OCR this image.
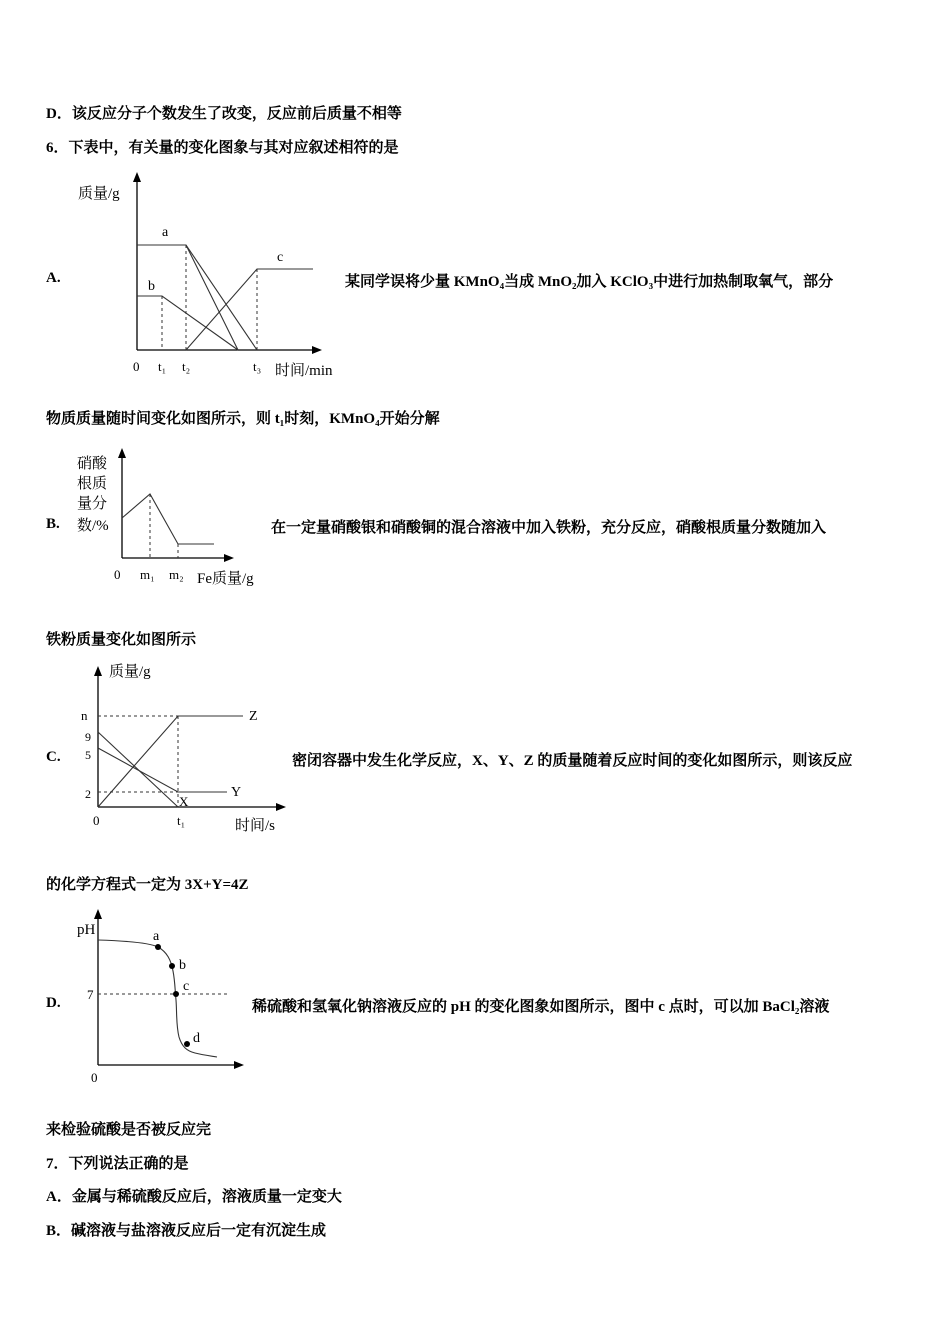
D．该反应分子个数发生了改变，反应前后质量不相等
6．下表中，有关量的变化图象与其对应叙述相符的是
A.
质量/g
a
b
c
0 t₁ t₂	t₃ 时间/min
某同学误将少量 KMnO₄当成 MnO₂加入 KClO₃中进行加热制取氧气，部分
物质质量随时间变化如图所示，则 t₁时刻，KMnO₄开始分解
B.
硝酸
根质
量分
数/%
0 m₁ m₂ Fe质量/g
在一定量硝酸银和硝酸铜的混合溶液中加入铁粉，充分反应，硝酸根质量分数随加入
铁粉质量变化如图所示
C.
质量/g
n
9
5
2
Z
Y
X
0	t₁	时间/s
密闭容器中发生化学反应，X、Y、Z 的质量随着反应时间的变化如图所示，则该反应
的化学方程式一定为 3X+Y=4Z
D.
pH
7
a
b
c
d
0
稀硫酸和氢氧化钠溶液反应的 pH 的变化图象如图所示，图中 c 点时，可以加 BaCl₂溶液
来检验硫酸是否被反应完
7．下列说法正确的是
A．金属与稀硫酸反应后，溶液质量一定变大
B．碱溶液与盐溶液反应后一定有沉淀生成
